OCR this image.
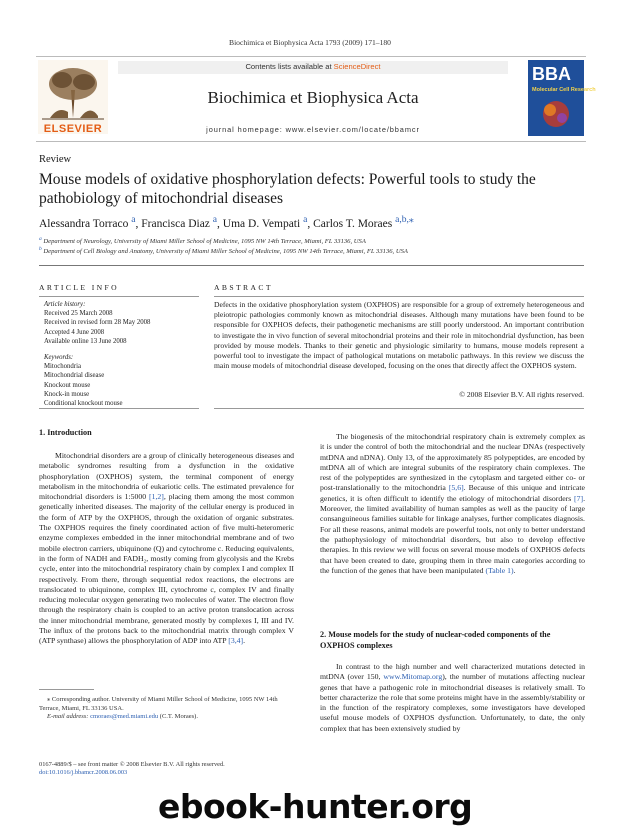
Biochimica et Biophysica Acta 1793 (2009) 171–180
ELSEVIER
Contents lists available at ScienceDirect
Biochimica et Biophysica Acta
journal homepage: www.elsevier.com/locate/bbamcr
BBA
Molecular Cell Research
Review
Mouse models of oxidative phosphorylation defects: Powerful tools to study the
pathobiology of mitochondrial diseases
Alessandra Torraco $^a$, Francisca Diaz $^a$, Uma D. Vempati $^a$, Carlos T. Moraes $^{a,b,⁎}$
$^a$ Department of Neurology, University of Miami Miller School of Medicine, 1095 NW 14th Terrace, Miami, FL 33136, USA
$^b$ Department of Cell Biology and Anatomy, University of Miami Miller School of Medicine, 1095 NW 14th Terrace, Miami, FL 33136, USA
ARTICLE INFO	ABSTRACT
Article history:
Received 25 March 2008
Received in revised form 28 May 2008
Accepted 4 June 2008
Available online 13 June 2008
Keywords:
Mitochondria
Mitochondrial disease
Knockout mouse
Knock-in mouse
Conditional knockout mouse
Defects in the oxidative phosphorylation system (OXPHOS) are responsible for a group of extremely heterogeneous and pleiotropic pathologies commonly known as mitochondrial diseases. Although many mutations have been found to be responsible for OXPHOS defects, their pathogenetic mechanisms are still poorly understood. An important contribution to investigate the in vivo function of several mitochondrial proteins and their role in mitochondrial dysfunction, has been provided by mouse models. Thanks to their genetic and physiologic similarity to humans, mouse models represent a powerful tool to investigate the impact of pathological mutations on metabolic pathways. In this review we discuss the main mouse models of mitochondrial disease developed, focusing on the ones that directly affect the OXPHOS system.
© 2008 Elsevier B.V. All rights reserved.
1. Introduction
Mitochondrial disorders are a group of clinically heterogeneous diseases and metabolic syndromes resulting from a dysfunction in the oxidative phosphorylation (OXPHOS) system, the terminal component of energy metabolism in the mitochondria of eukariotic cells. The estimated prevalence for mitochondrial disorders is 1:5000 [1,2], placing them among the most common genetically inherited diseases. The majority of the cellular energy is produced in the form of ATP by the OXPHOS, through the oxidation of organic substrates. The OXPHOS requires the finely coordinated action of five multi-heteromeric enzyme complexes embedded in the inner mitochondrial membrane and of two mobile electron carriers, ubiquinone (Q) and cytochrome c. Reducing equivalents, in the form of NADH and FADH₂, mostly coming from glycolysis and the Krebs cycle, enter into the mitochondrial respiratory chain by complex I and complex II respectively. From there, through sequential redox reactions, the electrons are translocated to ubiquinone, complex III, cytochrome c, complex IV and finally reducing molecular oxygen generating two molecules of water. The electron flow through the respiratory chain is coupled to an active proton translocation across the inner mitochondrial membrane, generated mostly by complexes I, III and IV. The influx of the protons back to the mitochondrial matrix through complex V (ATP synthase) allows the phosphorylation of ADP into ATP [3,4].
The biogenesis of the mitochondrial respiratory chain is extremely complex as it is under the control of both the mitochondrial and the nuclear DNAs (respectively mtDNA and nDNA). Only 13, of the approximately 85 polypeptides, are encoded by mtDNA all of which are integral subunits of the respiratory chain complexes. The rest of the polypeptides are synthesized in the cytoplasm and targeted either co- or post-translationally to the mitochondria [5,6]. Because of this unique and intricate genetics, it is often difficult to identify the etiology of mitochondrial disorders [7]. Moreover, the limited availability of human samples as well as the paucity of large consanguineous families suitable for linkage analyses, further complicates diagnosis. For all these reasons, animal models are powerful tools, not only to better understand the pathophysiology of mitochondrial disorders, but also to develop effective therapies. In this review we will focus on several mouse models of OXPHOS defects that have been created to date, grouping them in three main categories according to the function of the genes that have been manipulated (Table 1).
2. Mouse models for the study of nuclear-coded components of the OXPHOS complexes
In contrast to the high number and well characterized mutations detected in mtDNA (over 150, www.Mitomap.org), the number of mutations affecting nuclear genes that have a pathogenic role in mitochondrial diseases is relatively small. To better characterize the role that some proteins might have in the assembly/stability or in the function of the respiratory complexes, some investigators have developed useful mouse models of OXPHOS dysfunction. Unfortunately, to date, the only complex that has been extensively studied by
⁎ Corresponding author. University of Miami Miller School of Medicine, 1095 NW 14th Terrace, Miami, FL 33136 USA.
E-mail address: cmoraes@med.miami.edu (C.T. Moraes).
0167-4889/$ – see front matter © 2008 Elsevier B.V. All rights reserved.
doi:10.1016/j.bbamcr.2008.06.003
ebook-hunter.org
